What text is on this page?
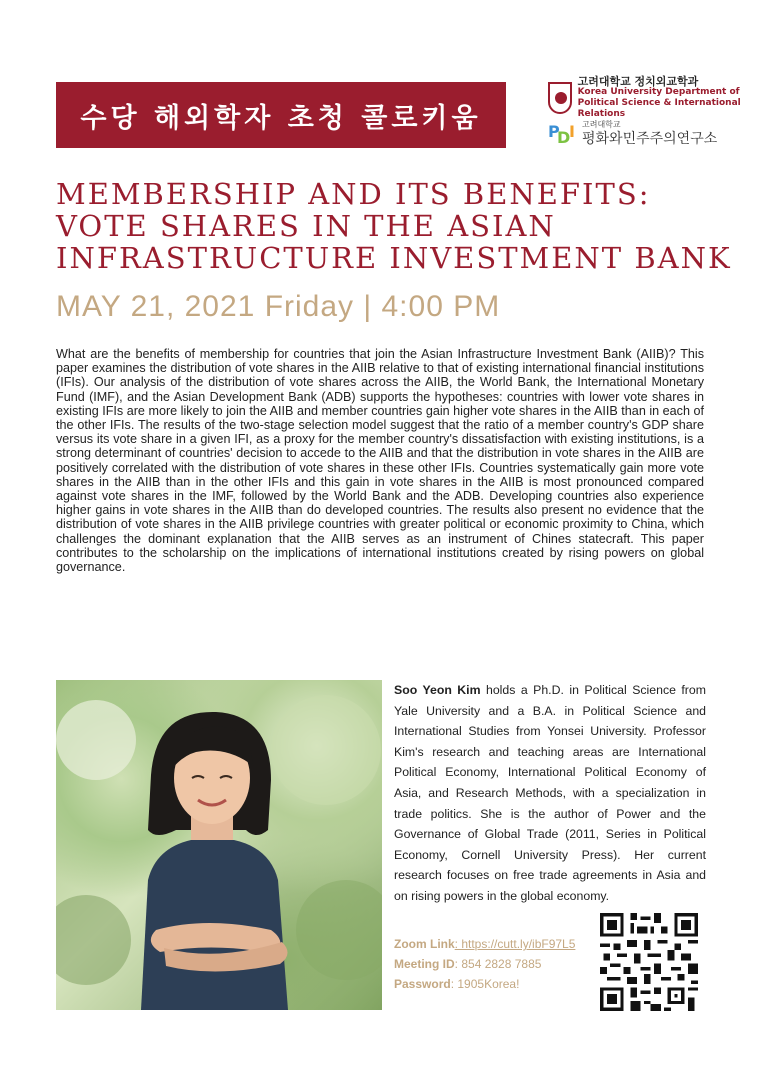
수당 해외학자 초청 콜로키움
고려대학교 정치외교학과
Korea University Department of
Political Science & International Relations
P
D
I 고려대학교
평화와민주주의연구소
MEMBERSHIP AND ITS BENEFITS:
VOTE SHARES IN THE ASIAN
INFRASTRUCTURE INVESTMENT BANK
MAY 21, 2021 Friday | 4:00 PM

What are the benefits of membership for countries that join the Asian Infrastructure Investment Bank (AIIB)? This paper examines the distribution of vote shares in the AIIB relative to that of existing international financial institutions (IFIs). Our analysis of the distribution of vote shares across the AIIB, the World Bank, the International Monetary Fund (IMF), and the Asian Development Bank (ADB) supports the hypotheses: countries with lower vote shares in existing IFIs are more likely to join the AIIB and member countries gain higher vote shares in the AIIB than in each of the other IFIs. The results of the two-stage selection model suggest that the ratio of a member country's GDP share versus its vote share in a given IFI, as a proxy for the member country's dissatisfaction with existing institutions, is a strong determinant of countries' decision to accede to the AIIB and that the distribution in vote shares in the AIIB are positively correlated with the distribution of vote shares in these other IFIs. Countries systematically gain more vote shares in the AIIB than in the other IFIs and this gain in vote shares in the AIIB is most pronounced compared against vote shares in the IMF, followed by the World Bank and the ADB. Developing countries also experience higher gains in vote shares in the AIIB than do developed countries. The results also present no evidence that the distribution of vote shares in the AIIB privilege countries with greater political or economic proximity to China, which challenges the dominant explanation that the AIIB serves as an instrument of Chines statecraft. This paper contributes to the scholarship on the implications of international institutions created by rising powers on global governance.

Soo Yeon Kim holds a Ph.D. in Political Science from Yale University and a B.A. in Political Science and International Studies from Yonsei University. Professor Kim's research and teaching areas are International Political Economy, International Political Economy of Asia, and Research Methods, with a specialization in trade politics. She is the author of Power and the Governance of Global Trade (2011, Series in Political Economy, Cornell University Press). Her current research focuses on free trade agreements in Asia and on rising powers in the global economy.

Zoom Link: https://cutt.ly/ibF97L5
Meeting ID: 854 2828 7885
Password: 1905Korea!
